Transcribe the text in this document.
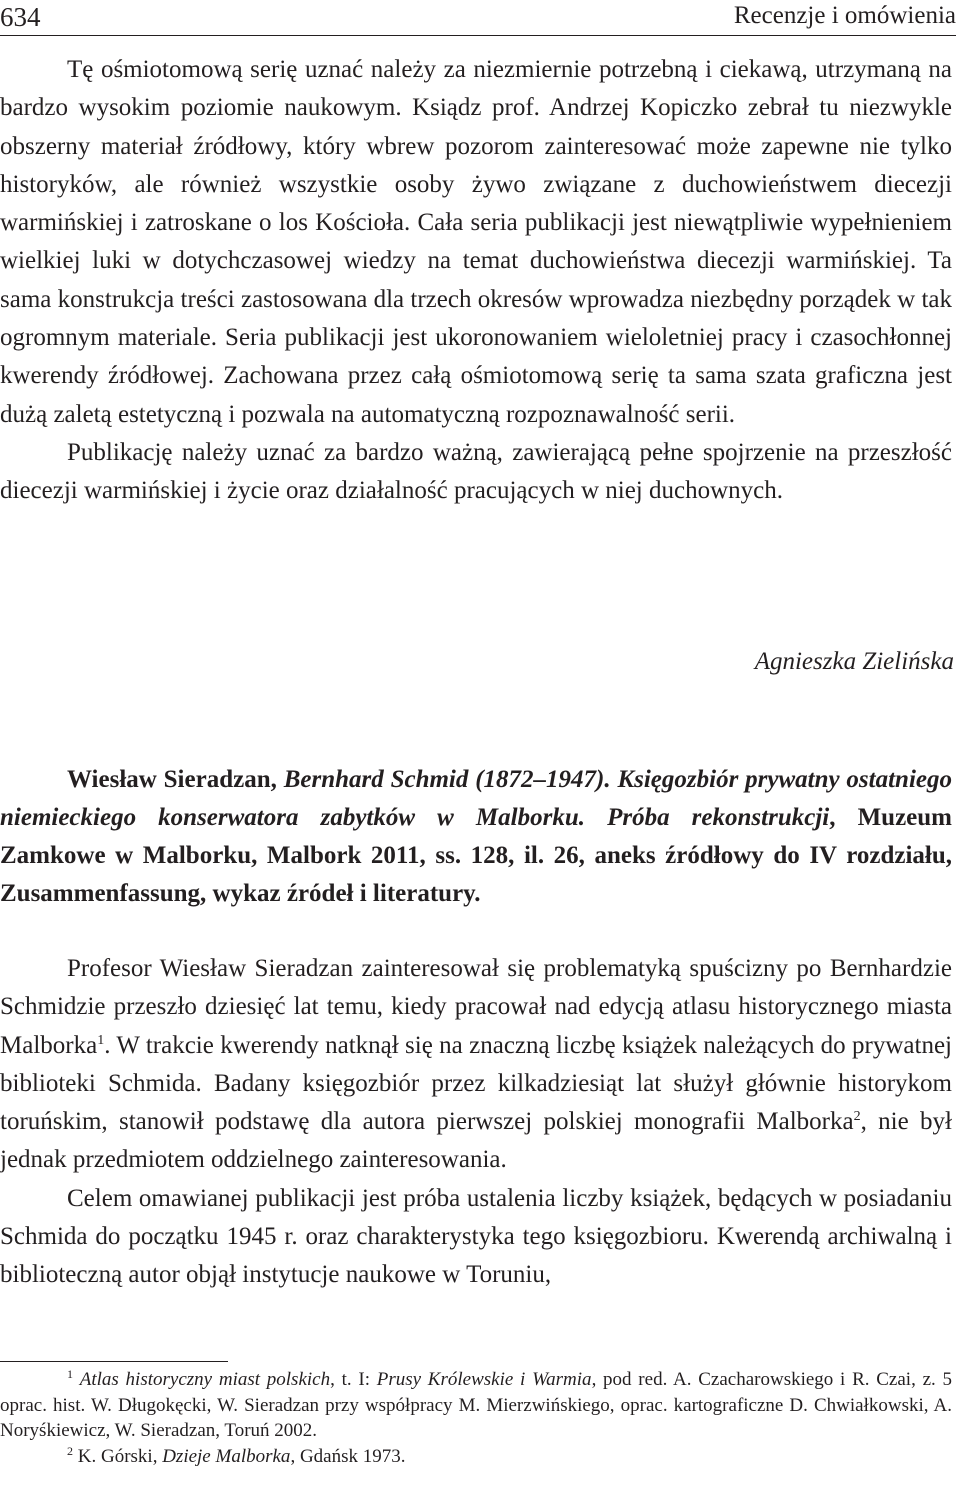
634	Recenzje i omówienia

Tę ośmiotomową serię uznać należy za niezmiernie potrzebną i ciekawą, utrzymaną na bardzo wysokim poziomie naukowym. Ksiądz prof. Andrzej Kopiczko zebrał tu niezwykle obszerny materiał źródłowy, który wbrew pozorom zainteresować może zapewne nie tylko historyków, ale również wszystkie osoby żywo związane z duchowieństwem diecezji warmińskiej i zatroskane o los Kościoła. Cała seria publikacji jest niewątpliwie wypełnieniem wielkiej luki w dotychczasowej wiedzy na temat duchowieństwa diecezji warmińskiej. Ta sama konstrukcja treści zastosowana dla trzech okresów wprowadza niezbędny porządek w tak ogromnym materiale. Seria publikacji jest ukoronowaniem wieloletniej pracy i czasochłonnej kwerendy źródłowej. Zachowana przez całą ośmiotomową serię ta sama szata graficzna jest dużą zaletą estetyczną i pozwala na automatyczną rozpoznawalność serii.

Publikację należy uznać za bardzo ważną, zawierającą pełne spojrzenie na przeszłość diecezji warmińskiej i życie oraz działalność pracujących w niej duchownych.

Agnieszka Zielińska
Wiesław Sieradzan, Bernhard Schmid (1872–1947). Księgozbiór prywatny ostatniego niemieckiego konserwatora zabytków w Malborku. Próba rekonstrukcji, Muzeum Zamkowe w Malborku, Malbork 2011, ss. 128, il. 26, aneks źródłowy do IV rozdziału, Zusammenfassung, wykaz źródeł i literatury.

Profesor Wiesław Sieradzan zainteresował się problematyką spuścizny po Bernhardzie Schmidzie przeszło dziesięć lat temu, kiedy pracował nad edycją atlasu historycznego miasta Malborka$^1$. W trakcie kwerendy natknął się na znaczną liczbę książek należących do prywatnej biblioteki Schmida. Badany księgozbiór przez kilkadziesiąt lat służył głównie historykom toruńskim, stanowił podstawę dla autora pierwszej polskiej monografii Malborka$^2$, nie był jednak przedmiotem oddzielnego zainteresowania.

Celem omawianej publikacji jest próba ustalenia liczby książek, będących w posiadaniu Schmida do początku 1945 r. oraz charakterystyka tego księgozbioru. Kwerendą archiwalną i biblioteczną autor objął instytucje naukowe w Toruniu,

$^1$ Atlas historyczny miast polskich, t. I: Prusy Królewskie i Warmia, pod red. A. Czacharowskiego i R. Czai, z. 5 oprac. hist. W. Długokęcki, W. Sieradzan przy współpracy M. Mierzwińskiego, oprac. kartograficzne D. Chwiałkowski, A. Noryśkiewicz, W. Sieradzan, Toruń 2002.
$^2$ K. Górski, Dzieje Malborka, Gdańsk 1973.
